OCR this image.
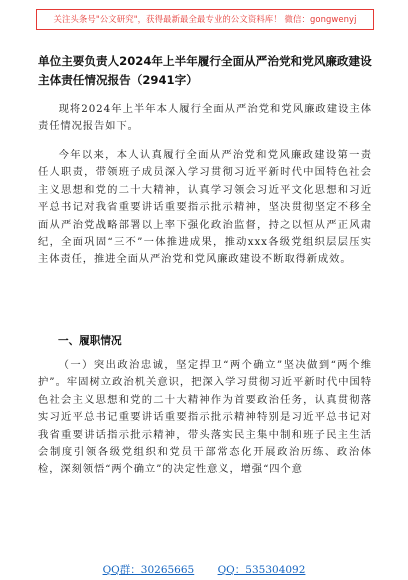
关注头条号"公文研究"，获得最新最全最专业的公文资料库！ 微信：gongwenyj
单位主要负责人2024年上半年履行全面从严治党和党风廉政建设主体责任情况报告（2941字）

现将2024年上半年本人履行全面从严治党和党风廉政建设主体责任情况报告如下。

今年以来，本人认真履行全面从严治党和党风廉政建设第一责任人职责，带领班子成员深入学习贯彻习近平新时代中国特色社会主义思想和党的二十大精神，认真学习领会习近平文化思想和习近平总书记对我省重要讲话重要指示批示精神，坚决贯彻坚定不移全面从严治党战略部署以上率下强化政治监督，持之以恒从严正风肃纪，全面巩固“三不”一体推进成果，推动xxx各级党组织层层压实主体责任，推进全面从严治党和党风廉政建设不断取得新成效。

一、履职情况

（一）突出政治忠诚，坚定捍卫“两个确立”坚决做到“两个维护”。牢固树立政治机关意识，把深入学习贯彻习近平新时代中国特色社会主义思想和党的二十大精神作为首要政治任务，认真贯彻落实习近平总书记重要讲话重要指示批示精神特别是习近平总书记对我省重要讲话指示批示精神，带头落实民主集中制和班子民主生活会制度引领各级党组织和党员干部常态化开展政治历练、政治体检，深刻领悟“两个确立”的决定性意义，增强“四个意

QQ群：30265665 QQ：535304092
